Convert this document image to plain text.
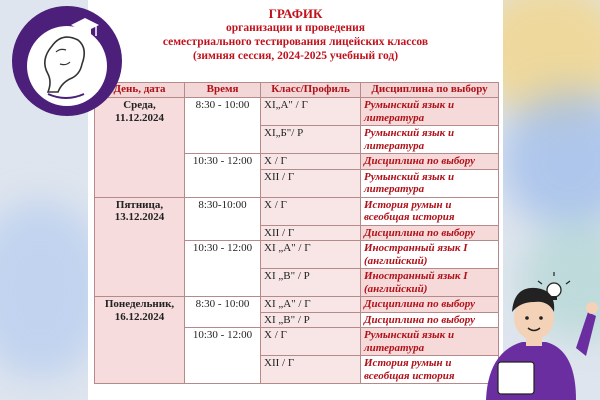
ГРАФИК
организации и проведения
семестриального тестирования лицейских классов
(зимняя сессия, 2024-2025 учебный год)
День, дата	Время	Класс/Профиль	Дисциплина по выбору

Среда,
11.12.2024	8:30 - 10:00	XI„А" / Г	Румынский язык и литература
		XI„Б"/ Р	Румынский язык и литература
	10:30 - 12:00	X / Г	Дисциплина по выбору
		XII / Г	Румынский язык и литература

Пятница,
13.12.2024	8:30-10:00	X / Г	История румын и всеобщая история
		XII / Г	Дисциплина по выбору
	10:30 - 12:00	XI „А" / Г	Иностранный язык I (английский)
		XI „В" / Р	Иностранный язык I (английский)

Понедельник,
16.12.2024	8:30 - 10:00	XI „А" / Г	Дисциплина по выбору
		XI „В" / Р	Дисциплина по выбору
	10:30 - 12:00	X / Г	Румынский язык и литература
		XII / Г	История румын и всеобщая история
